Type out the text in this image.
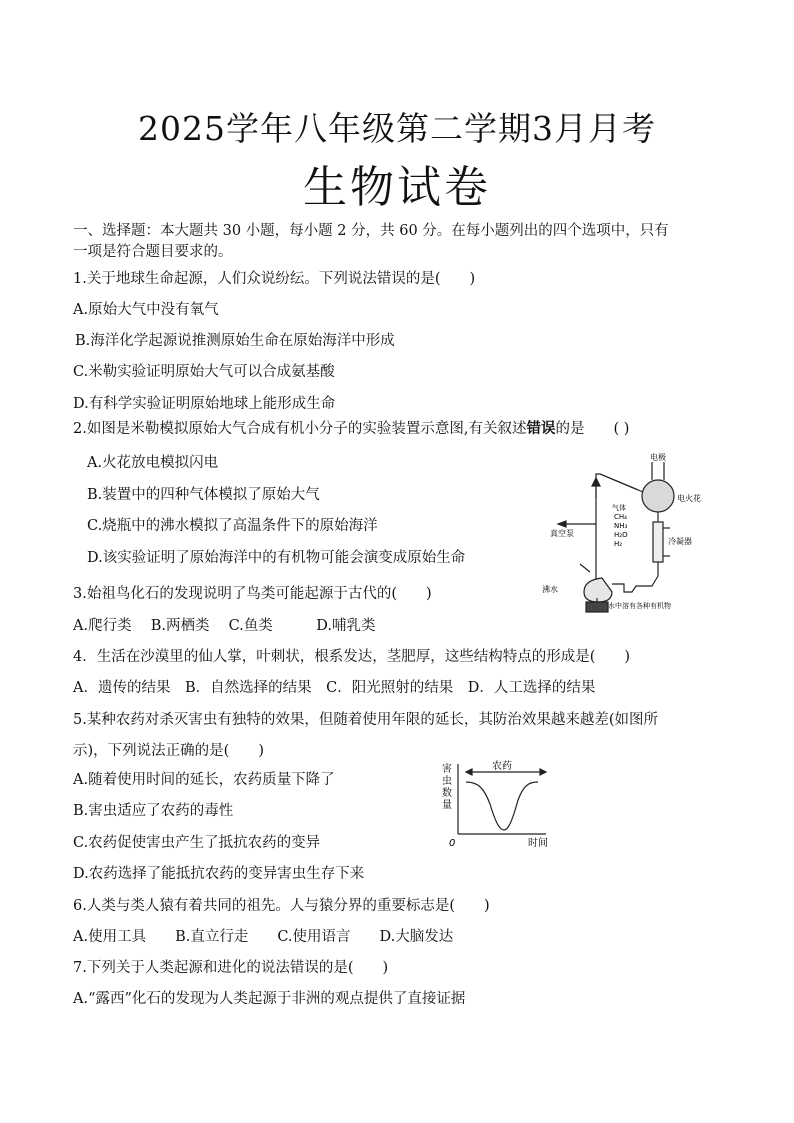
2025学年八年级第二学期3月月考
生物试卷
一、选择题：本大题共 30 小题，每小题 2 分，共 60 分。在每小题列出的四个选项中，只有
一项是符合题目要求的。
1.关于地球生命起源，人们众说纷纭。下列说法错误的是(　　)
A.原始大气中没有氧气
B.海洋化学起源说推测原始生命在原始海洋中形成
C.米勒实验证明原始大气可以合成氨基酸
D.有科学实验证明原始地球上能形成生命
2.如图是米勒模拟原始大气合成有机小分子的实验装置示意图,有关叙述错误的是　　( )
A.火花放电模拟闪电
B.装置中的四种气体模拟了原始大气
C.烧瓶中的沸水模拟了高温条件下的原始海洋
D.该实验证明了原始海洋中的有机物可能会演变成原始生命
电极
电火花
气体
CH₄
NH₃
H₂O
H₂
真空泵
冷凝器
沸水
水中溶有各种有机物
3.始祖鸟化石的发现说明了鸟类可能起源于古代的(　　)
A.爬行类　 B.两栖类　 C.鱼类　　　D.哺乳类
4．生活在沙漠里的仙人掌，叶刺状，根系发达，茎肥厚，这些结构特点的形成是(　　)
A．遗传的结果　B．自然选择的结果　C．阳光照射的结果　D．人工选择的结果
5.某种农药对杀灭害虫有独特的效果，但随着使用年限的延长，其防治效果越来越差(如图所
示)，下列说法正确的是(　　)
A.随着使用时间的延长，农药质量下降了
B.害虫适应了农药的毒性
C.农药促使害虫产生了抵抗农药的变异
D.农药选择了能抵抗农药的变异害虫生存下来
害
虫
数
量
农药
0	时间
6.人类与类人猿有着共同的祖先。人与猿分界的重要标志是(　　)
A.使用工具　　B.直立行走　　C.使用语言　　D.大脑发达
7.下列关于人类起源和进化的说法错误的是(　　)
A.“露西”化石的发现为人类起源于非洲的观点提供了直接证据
